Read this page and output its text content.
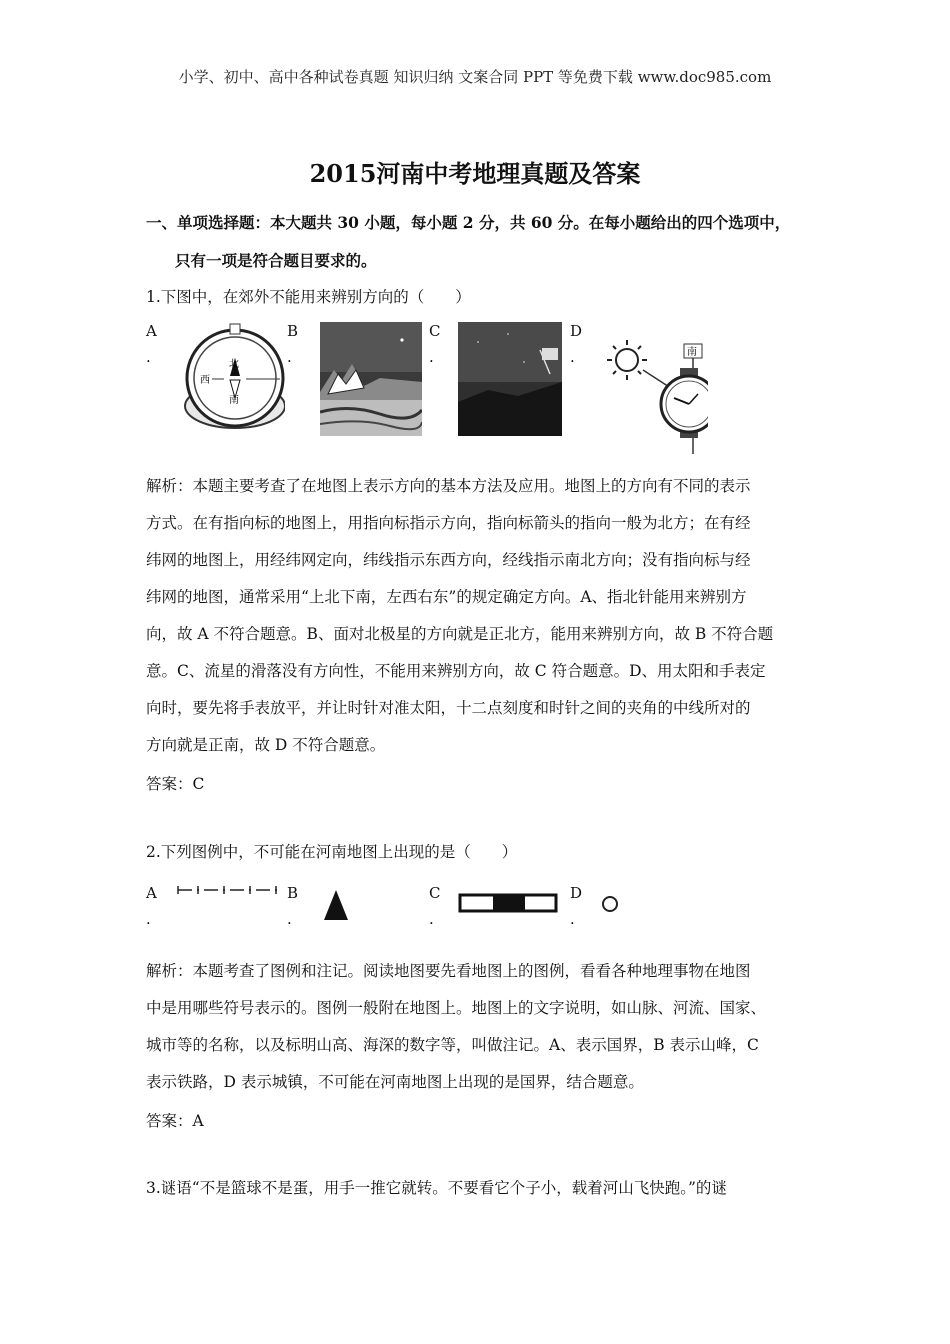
小学、初中、高中各种试卷真题 知识归纳 文案合同 PPT 等免费下载 www.doc985.com
2015河南中考地理真题及答案
一、单项选择题：本大题共 30 小题，每小题 2 分，共 60 分。在每小题给出的四个选项中，
只有一项是符合题目要求的。
1.下图中，在郊外不能用来辨别方向的（　　）
A
.
B
.
C
.
D
.
北
南
西
南
解析：本题主要考查了在地图上表示方向的基本方法及应用。地图上的方向有不同的表示
方式。在有指向标的地图上，用指向标指示方向，指向标箭头的指向一般为北方；在有经
纬网的地图上，用经纬网定向，纬线指示东西方向，经线指示南北方向；没有指向标与经
纬网的地图，通常采用“上北下南，左西右东”的规定确定方向。A、指北针能用来辨别方
向，故 A 不符合题意。B、面对北极星的方向就是正北方，能用来辨别方向，故 B 不符合题
意。C、流星的滑落没有方向性，不能用来辨别方向，故 C 符合题意。D、用太阳和手表定
向时，要先将手表放平，并让时针对准太阳，十二点刻度和时针之间的夹角的中线所对的
方向就是正南，故 D 不符合题意。
答案：C
2.下列图例中，不可能在河南地图上出现的是（　　）
A
.
B
.
C
.
D
.
解析：本题考查了图例和注记。阅读地图要先看地图上的图例，看看各种地理事物在地图
中是用哪些符号表示的。图例一般附在地图上。地图上的文字说明，如山脉、河流、国家、
城市等的名称，以及标明山高、海深的数字等，叫做注记。A、表示国界，B 表示山峰，C
表示铁路，D 表示城镇，不可能在河南地图上出现的是国界，结合题意。
答案：A
3.谜语“不是篮球不是蛋，用手一推它就转。不要看它个子小，载着河山飞快跑。”的谜
